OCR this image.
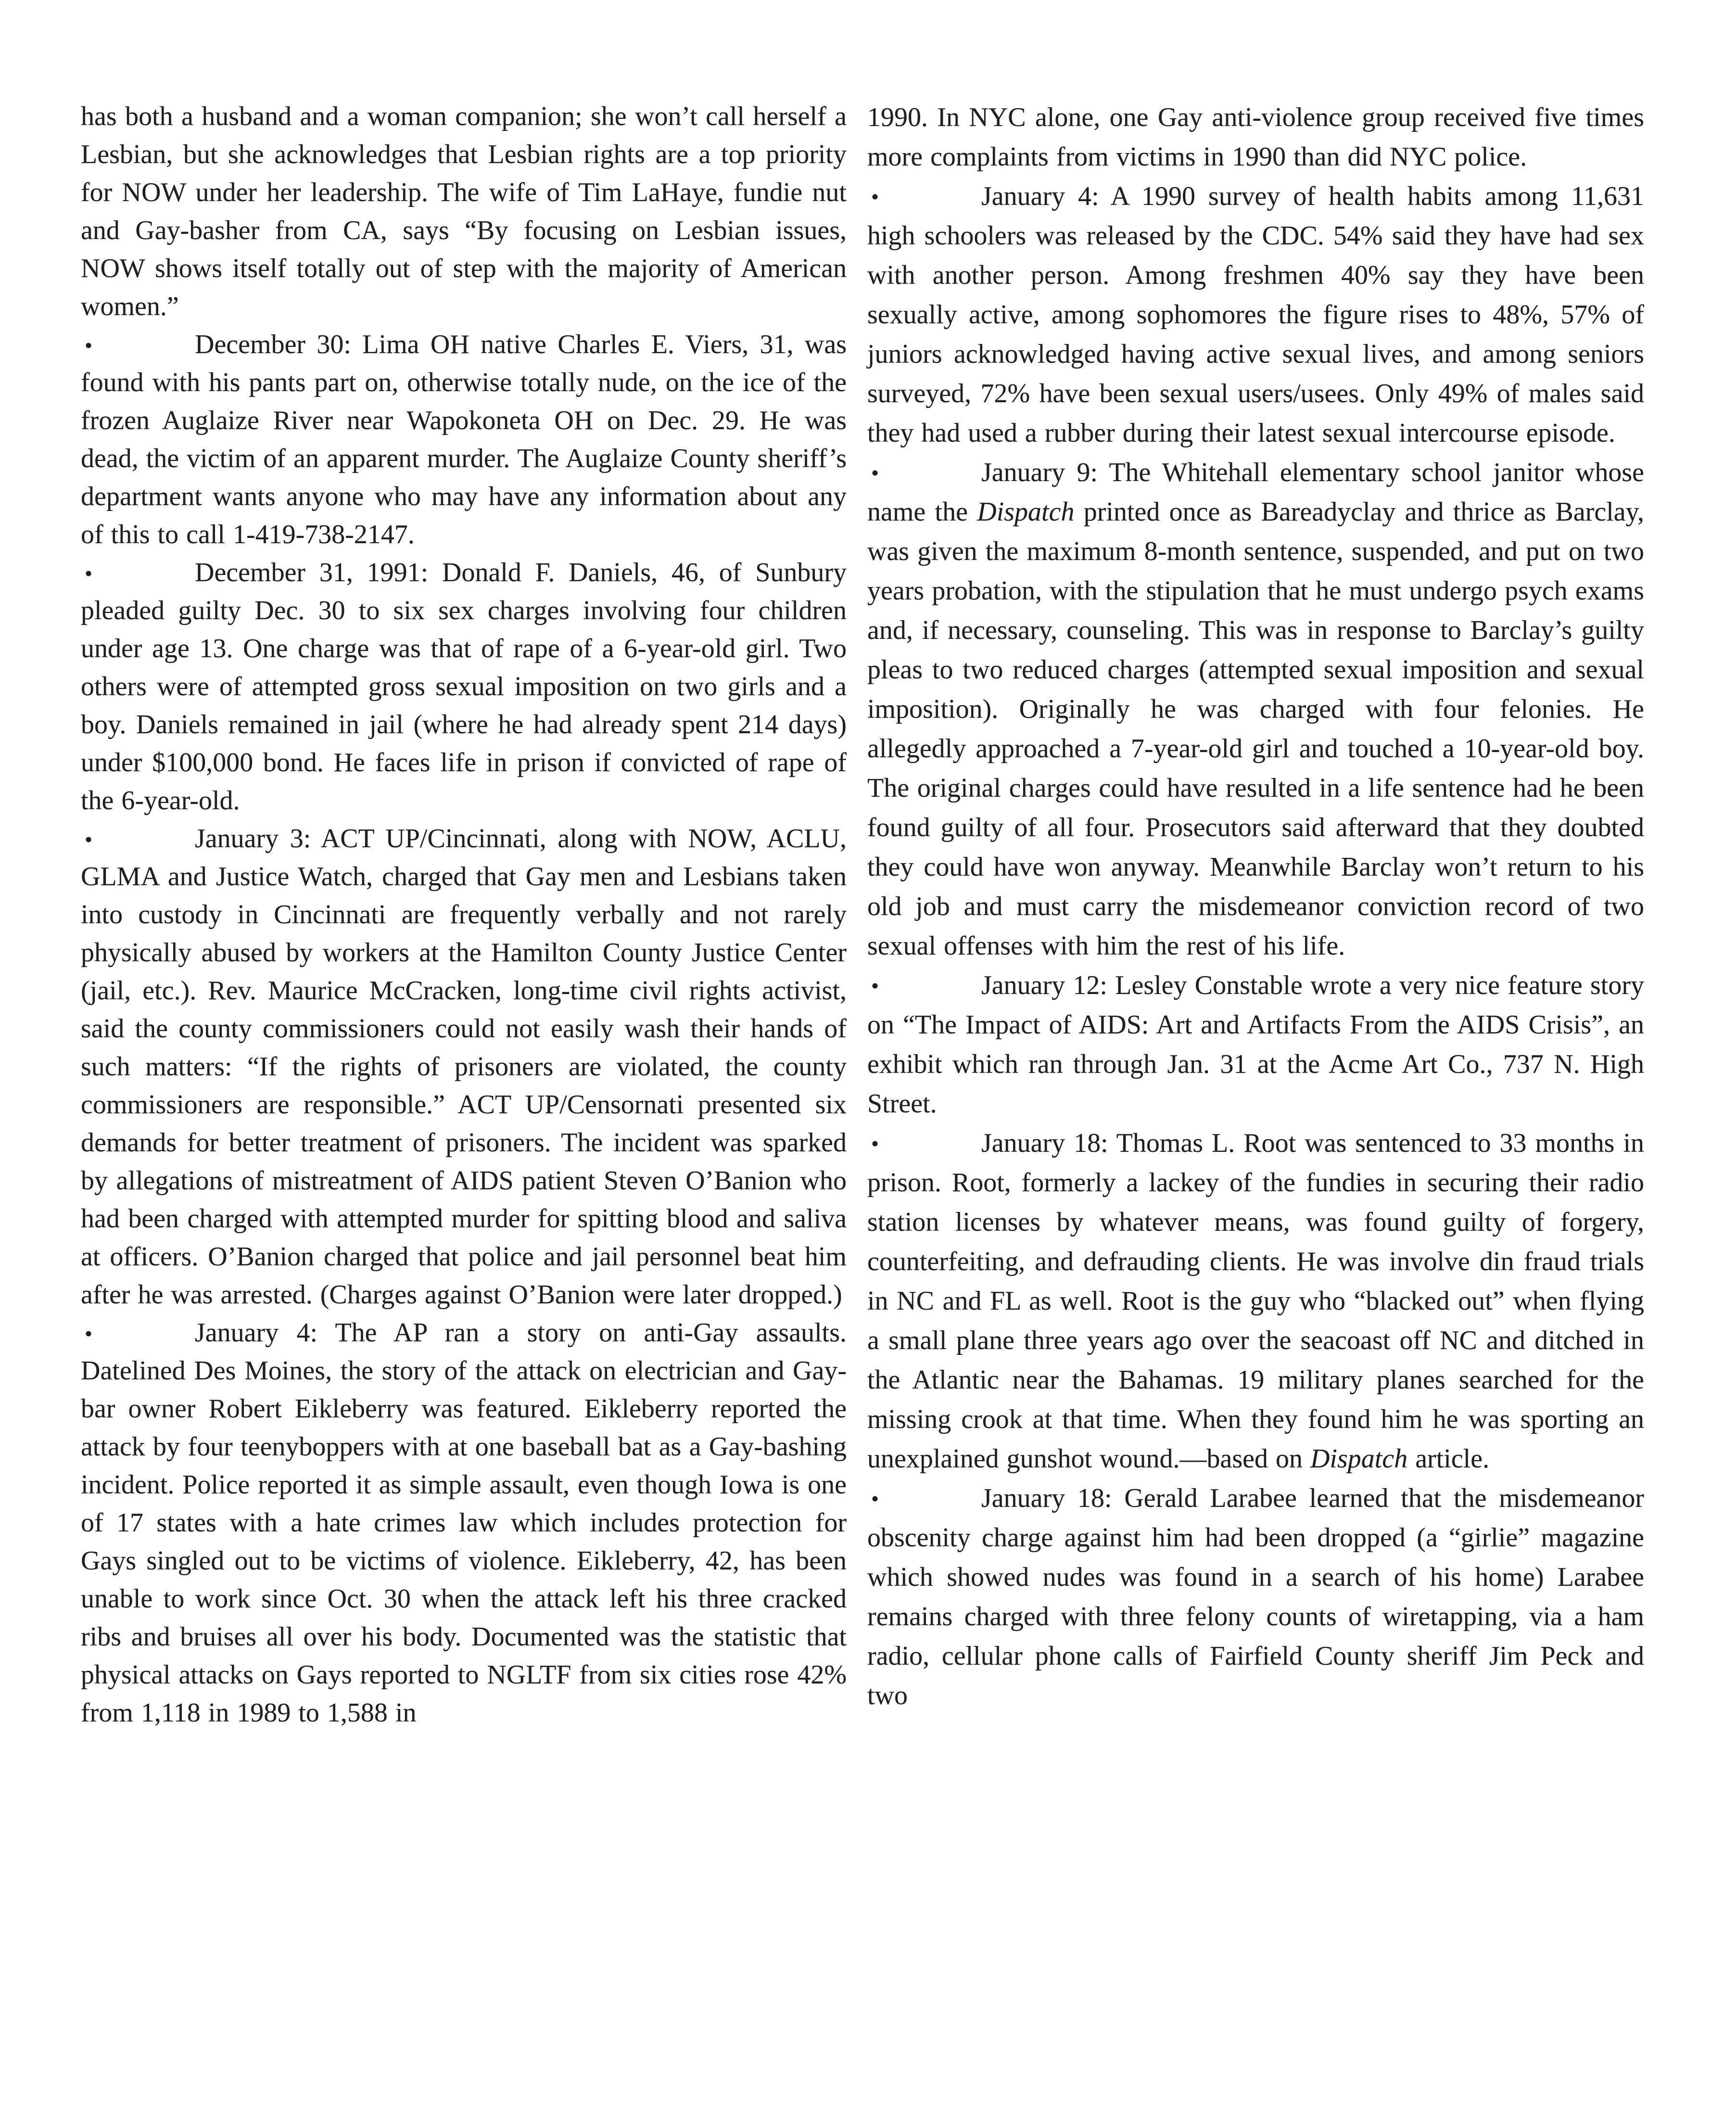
has both a husband and a woman companion; she won’t call herself a Lesbian, but she acknowledges that Lesbian rights are a top priority for NOW under her leadership. The wife of Tim LaHaye, fundie nut and Gay-basher from CA, says “By focusing on Lesbian issues, NOW shows itself totally out of step with the majority of American women.”

•	December 30: Lima OH native Charles E. Viers, 31, was found with his pants part on, otherwise totally nude, on the ice of the frozen Auglaize River near Wapokoneta OH on Dec. 29. He was dead, the victim of an apparent murder. The Auglaize County sheriff’s department wants anyone who may have any information about any of this to call 1-419-738-2147.

•	December 31, 1991: Donald F. Daniels, 46, of Sunbury pleaded guilty Dec. 30 to six sex charges involving four children under age 13. One charge was that of rape of a 6-year-old girl. Two others were of attempted gross sexual imposition on two girls and a boy. Daniels remained in jail (where he had already spent 214 days) under $100,000 bond. He faces life in prison if convicted of rape of the 6-year-old.

•	January 3: ACT UP/Cincinnati, along with NOW, ACLU, GLMA and Justice Watch, charged that Gay men and Lesbians taken into custody in Cincinnati are frequently verbally and not rarely physically abused by workers at the Hamilton County Justice Center (jail, etc.). Rev. Maurice McCracken, long-time civil rights activist, said the county commissioners could not easily wash their hands of such matters: “If the rights of prisoners are violated, the county commissioners are responsible.” ACT UP/Censornati presented six demands for better treatment of prisoners. The incident was sparked by allegations of mistreatment of AIDS patient Steven O’Banion who had been charged with attempted murder for spitting blood and saliva at officers. O’Banion charged that police and jail personnel beat him after he was arrested. (Charges against O’Banion were later dropped.)

•	January 4: The AP ran a story on anti-Gay assaults. Datelined Des Moines, the story of the attack on electrician and Gay-bar owner Robert Eikleberry was featured. Eikleberry reported the attack by four teenyboppers with at one baseball bat as a Gay-bashing incident. Police reported it as simple assault, even though Iowa is one of 17 states with a hate crimes law which includes protection for Gays singled out to be victims of violence. Eikleberry, 42, has been unable to work since Oct. 30 when the attack left his three cracked ribs and bruises all over his body. Documented was the statistic that physical attacks on Gays reported to NGLTF from six cities rose 42% from 1,118 in 1989 to 1,588 in

1990. In NYC alone, one Gay anti-violence group received five times more complaints from victims in 1990 than did NYC police.

•	January 4: A 1990 survey of health habits among 11,631 high schoolers was released by the CDC. 54% said they have had sex with another person. Among freshmen 40% say they have been sexually active, among sophomores the figure rises to 48%, 57% of juniors acknowledged having active sexual lives, and among seniors surveyed, 72% have been sexual users/usees. Only 49% of males said they had used a rubber during their latest sexual intercourse episode.

•	January 9: The Whitehall elementary school janitor whose name the Dispatch printed once as Bareadyclay and thrice as Barclay, was given the maximum 8-month sentence, suspended, and put on two years probation, with the stipulation that he must undergo psych exams and, if necessary, counseling. This was in response to Barclay’s guilty pleas to two reduced charges (attempted sexual imposition and sexual imposition). Originally he was charged with four felonies. He allegedly approached a 7-year-old girl and touched a 10-year-old boy. The original charges could have resulted in a life sentence had he been found guilty of all four. Prosecutors said afterward that they doubted they could have won anyway. Meanwhile Barclay won’t return to his old job and must carry the misdemeanor conviction record of two sexual offenses with him the rest of his life.

•	January 12: Lesley Constable wrote a very nice feature story on “The Impact of AIDS: Art and Artifacts From the AIDS Crisis”, an exhibit which ran through Jan. 31 at the Acme Art Co., 737 N. High Street.

•	January 18: Thomas L. Root was sentenced to 33 months in prison. Root, formerly a lackey of the fundies in securing their radio station licenses by whatever means, was found guilty of forgery, counterfeiting, and defrauding clients. He was involve din fraud trials in NC and FL as well. Root is the guy who “blacked out” when flying a small plane three years ago over the seacoast off NC and ditched in the Atlantic near the Bahamas. 19 military planes searched for the missing crook at that time. When they found him he was sporting an unexplained gunshot wound.—based on Dispatch article.

•	January 18: Gerald Larabee learned that the misdemeanor obscenity charge against him had been dropped (a “girlie” magazine which showed nudes was found in a search of his home) Larabee remains charged with three felony counts of wiretapping, via a ham radio, cellular phone calls of Fairfield County sheriff Jim Peck and two
